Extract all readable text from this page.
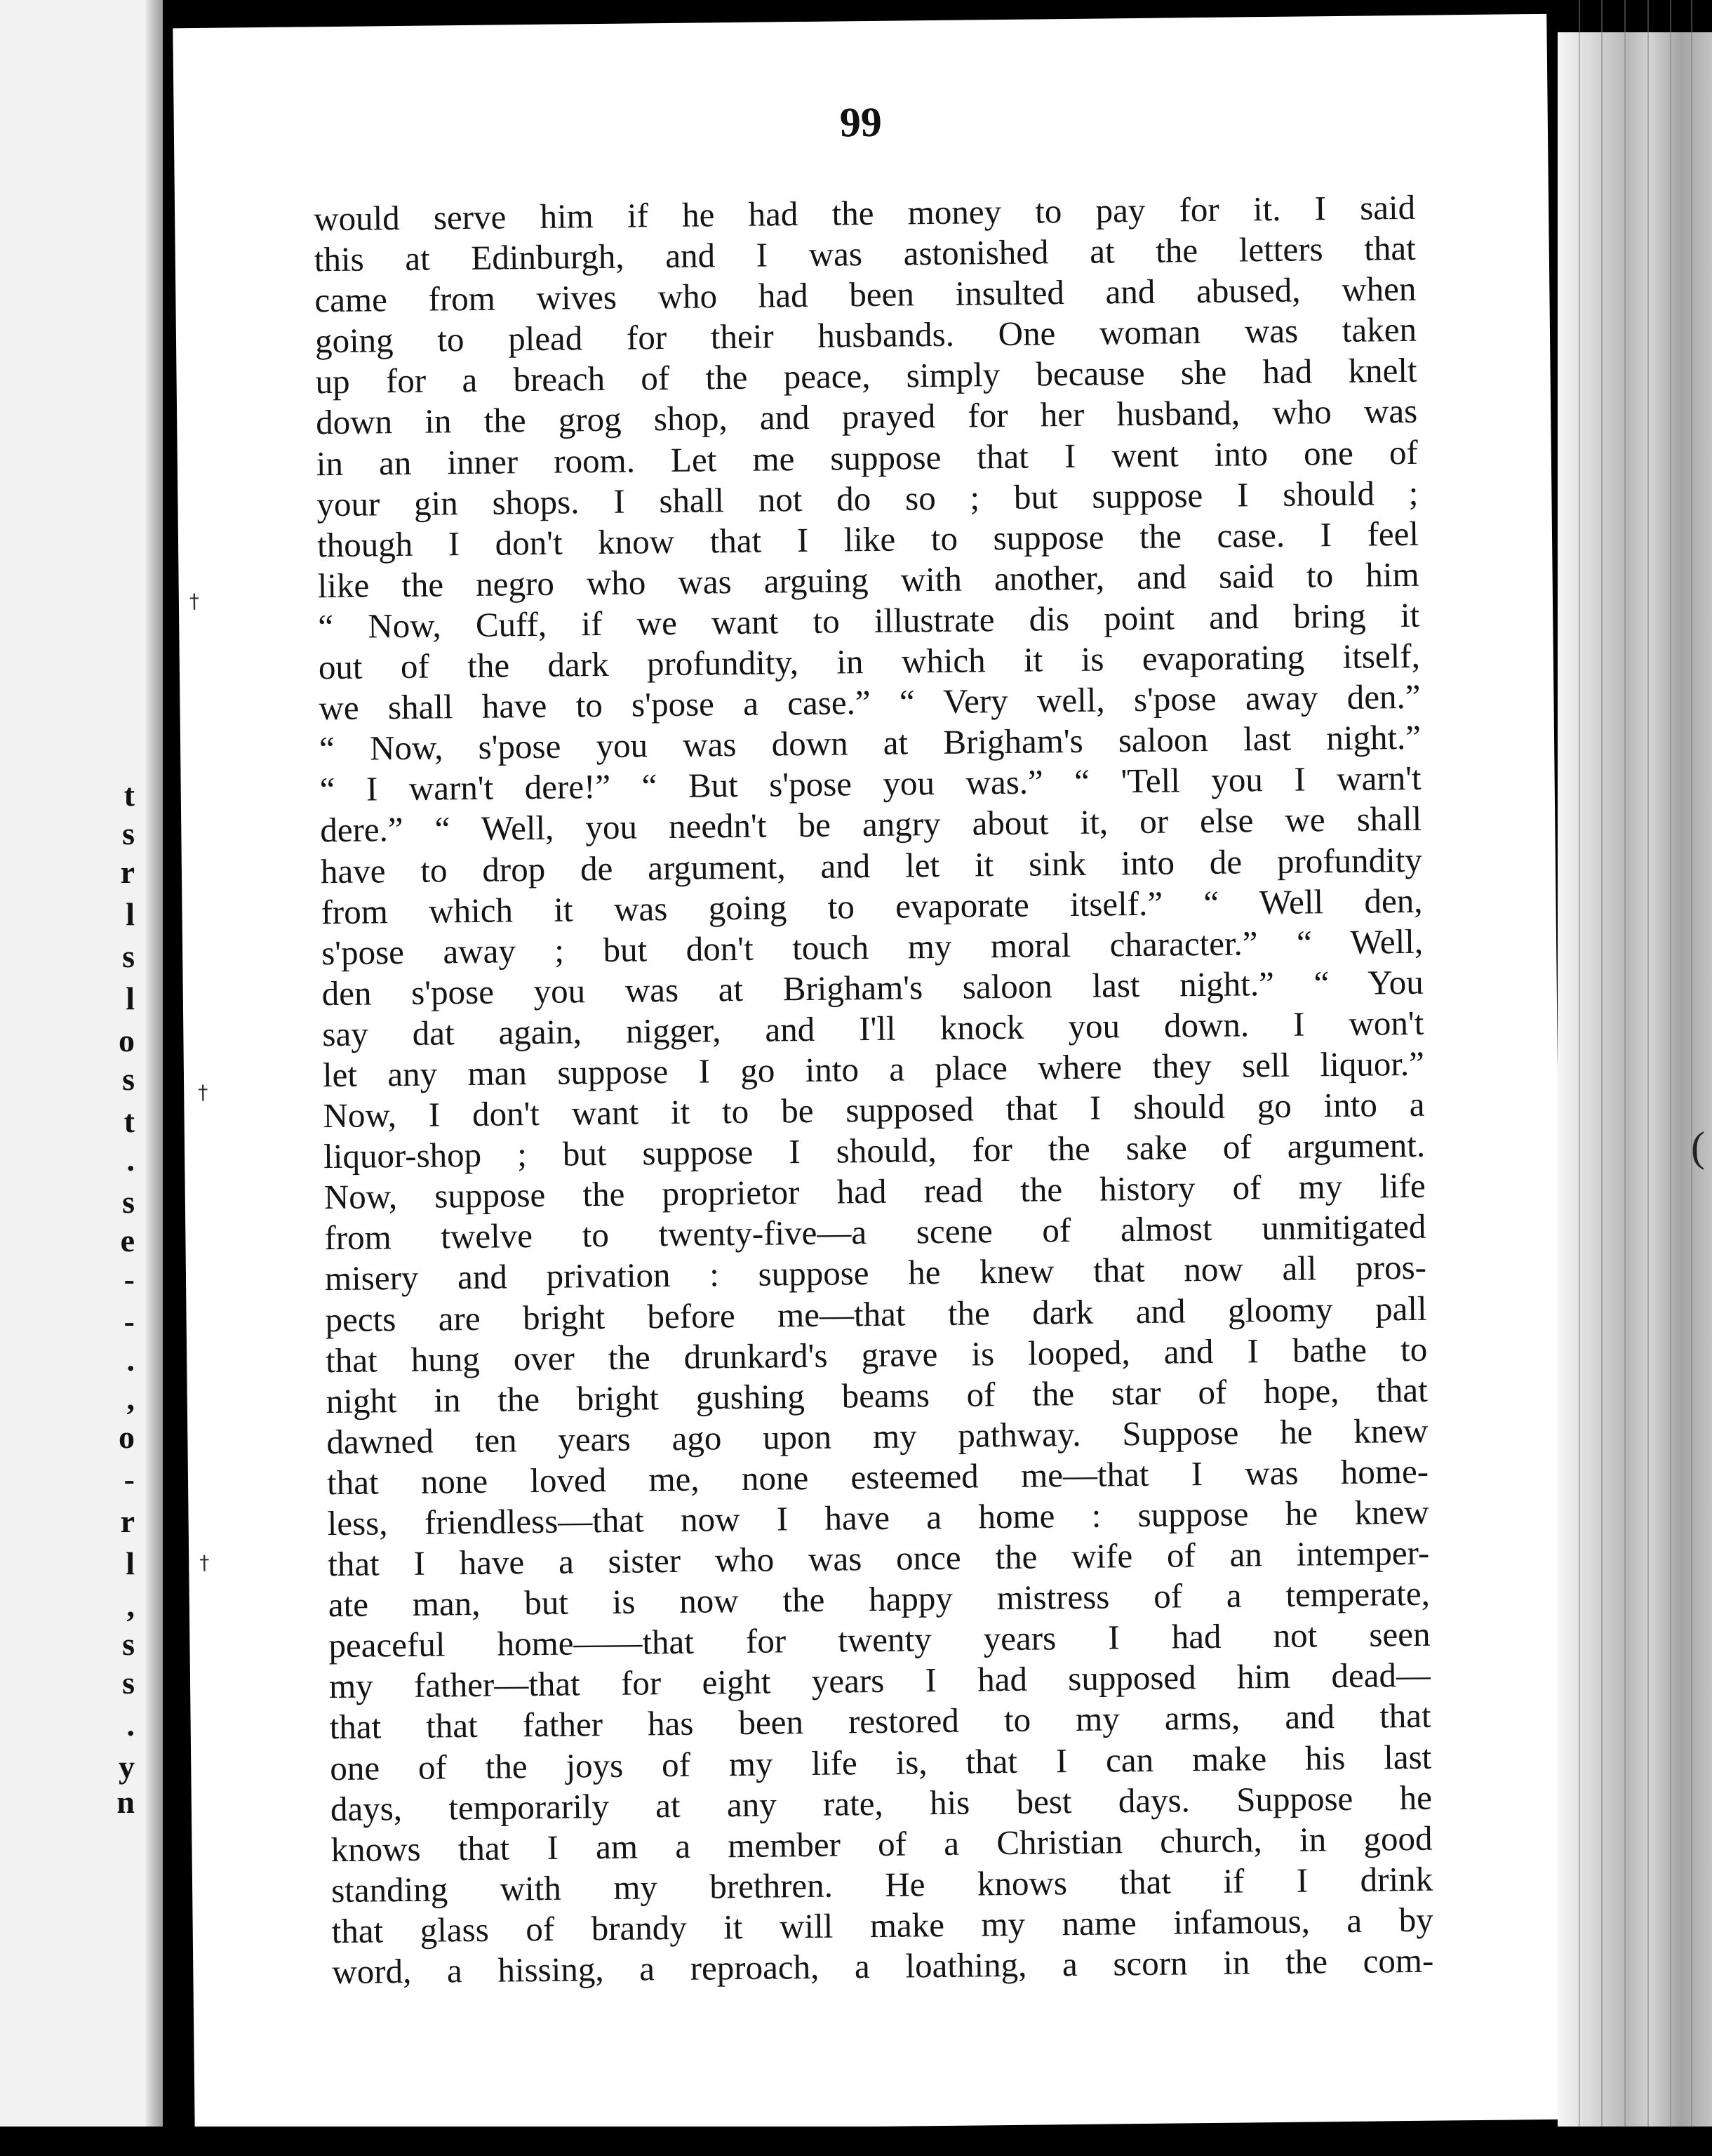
t
s
r
l
s
l
o
s
t
.
s
e
-
-
.
,
o
-
r
l
,
s
s
.
y
n
99
would serve him if he had the money to pay for it. I said
this at Edinburgh, and I was astonished at the letters that
came from wives who had been insulted and abused, when
going to plead for their husbands. One woman was taken
up for a breach of the peace, simply because she had knelt
down in the grog shop, and prayed for her husband, who was
in an inner room. Let me suppose that I went into one of
your gin shops. I shall not do so ; but suppose I should ;
though I don't know that I like to suppose the case. I feel
like the negro who was arguing with another, and said to him
“ Now, Cuff, if we want to illustrate dis point and bring it
out of the dark profundity, in which it is evaporating itself,
we shall have to s'pose a case.” “ Very well, s'pose away den.”
“ Now, s'pose you was down at Brigham's saloon last night.”
“ I warn't dere!” “ But s'pose you was.” “ 'Tell you I warn't
dere.” “ Well, you needn't be angry about it, or else we shall
have to drop de argument, and let it sink into de profundity
from which it was going to evaporate itself.” “ Well den,
s'pose away ; but don't touch my moral character.” “ Well,
den s'pose you was at Brigham's saloon last night.” “ You
say dat again, nigger, and I'll knock you down. I won't
let any man suppose I go into a place where they sell liquor.”
Now, I don't want it to be supposed that I should go into a
liquor-shop ; but suppose I should, for the sake of argument.
Now, suppose the proprietor had read the history of my life
from twelve to twenty-five—a scene of almost unmitigated
misery and privation : suppose he knew that now all pros-
pects are bright before me—that the dark and gloomy pall
that hung over the drunkard's grave is looped, and I bathe to
night in the bright gushing beams of the star of hope, that
dawned ten years ago upon my pathway. Suppose he knew
that none loved me, none esteemed me—that I was home-
less, friendless—that now I have a home : suppose he knew
that I have a sister who was once the wife of an intemper-
ate man, but is now the happy mistress of a temperate,
peaceful home——that for twenty years I had not seen
my father—that for eight years I had supposed him dead—
that that father has been restored to my arms, and that
one of the joys of my life is, that I can make his last
days, temporarily at any rate, his best days. Suppose he
knows that I am a member of a Christian church, in good
standing with my brethren. He knows that if I drink
that glass of brandy it will make my name infamous, a by
word, a hissing, a reproach, a loathing, a scorn in the com-
†
†
†
(
